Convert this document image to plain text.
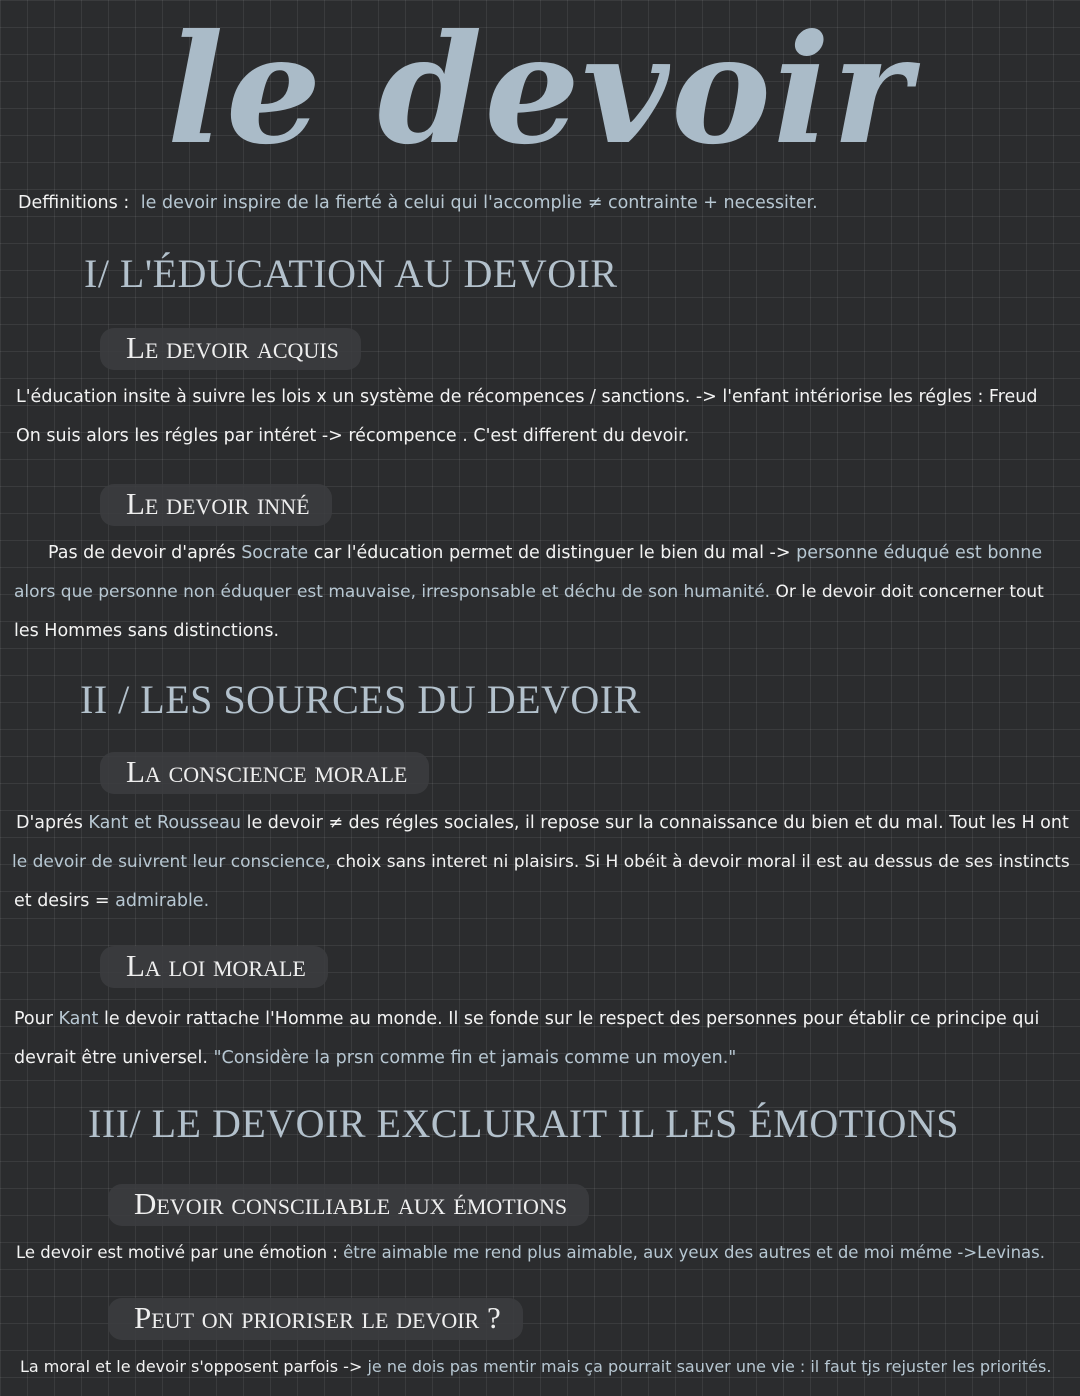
le devoir
Deffinitions : le devoir inspire de la fierté à celui qui l'accomplie ≠ contrainte + necessiter.
I/ L'ÉDUCATION AU DEVOIR
Le devoir acquis
L'éducation insite à suivre les lois x un système de récompences / sanctions. -> l'enfant intériorise les régles : Freud
On suis alors les régles par intéret -> récompence . C'est different du devoir.
Le devoir inné
Pas de devoir d'aprés Socrate car l'éducation permet de distinguer le bien du mal -> personne éduqué est bonne
alors que personne non éduquer est mauvaise, irresponsable et déchu de son humanité. Or le devoir doit concerner tout
les Hommes sans distinctions.
II / LES SOURCES DU DEVOIR
La conscience morale
D'aprés Kant et Rousseau le devoir ≠ des régles sociales, il repose sur la connaissance du bien et du mal. Tout les H ont
le devoir de suivrent leur conscience, choix sans interet ni plaisirs. Si H obéit à devoir moral il est au dessus de ses instincts
et desirs = admirable.
La loi morale
Pour Kant le devoir rattache l'Homme au monde. Il se fonde sur le respect des personnes pour établir ce principe qui
devrait être universel. "Considère la prsn comme fin et jamais comme un moyen."
III/ LE DEVOIR EXCLURAIT IL LES ÉMOTIONS
Devoir consciliable aux émotions
Le devoir est motivé par une émotion : être aimable me rend plus aimable, aux yeux des autres et de moi méme ->Levinas.
Peut on prioriser le devoir ?
La moral et le devoir s'opposent parfois -> je ne dois pas mentir mais ça pourrait sauver une vie : il faut tjs rejuster les priorités.
